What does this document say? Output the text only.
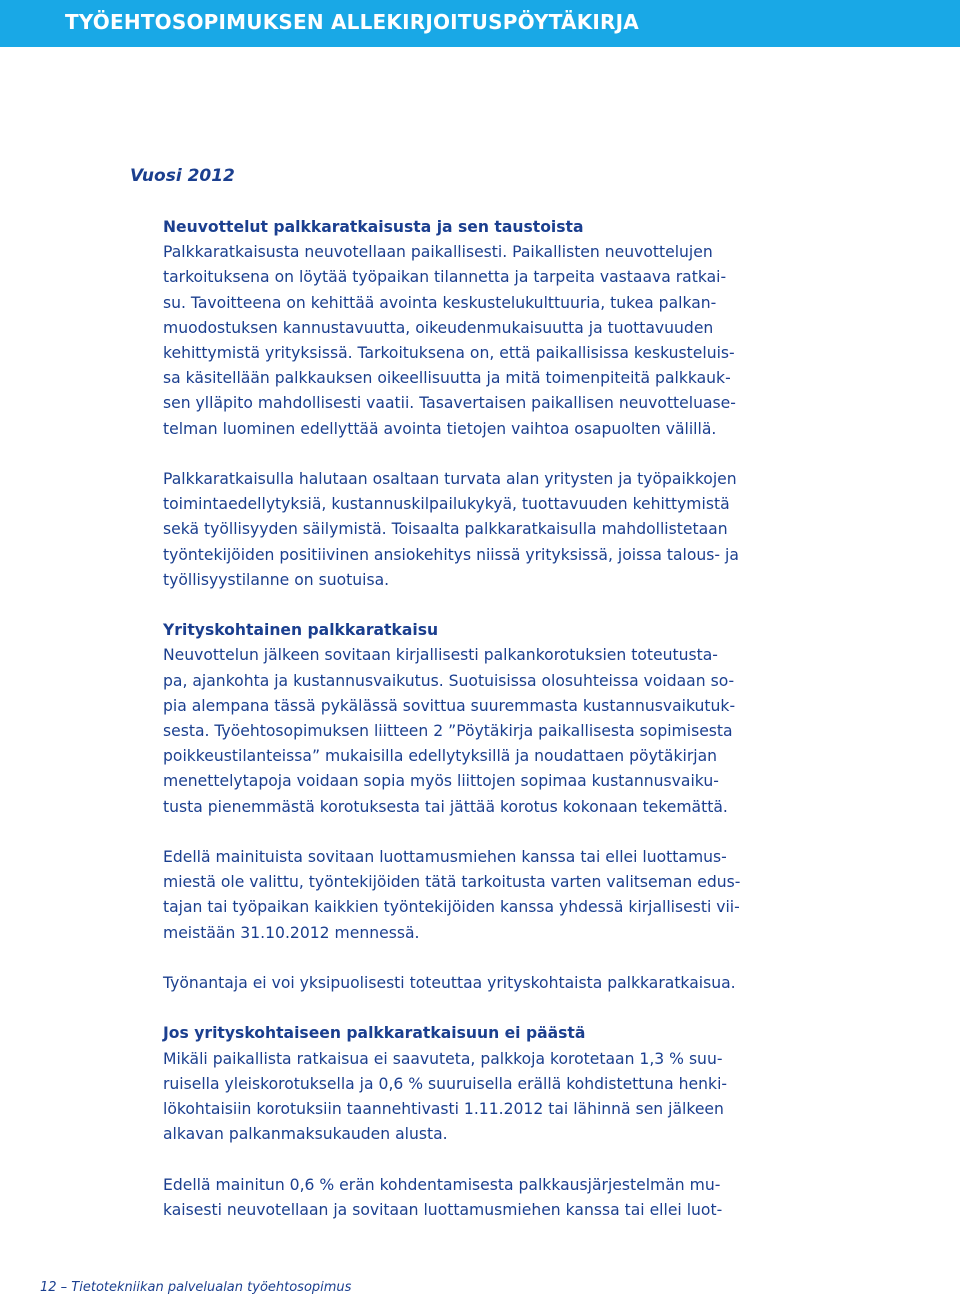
TYÖEHTOSOPIMUKSEN ALLEKIRJOITUSPÖYTÄKIRJA
Vuosi 2012
Neuvottelut palkkaratkaisusta ja sen taustoista
Palkkaratkaisusta neuvotellaan paikallisesti. Paikallisten neuvottelujen
tarkoituksena on löytää työpaikan tilannetta ja tarpeita vastaava ratkai-
su. Tavoitteena on kehittää avointa keskustelukulttuuria, tukea palkan-
muodostuksen kannustavuutta, oikeudenmukaisuutta ja tuottavuuden
kehittymistä yrityksissä. Tarkoituksena on, että paikallisissa keskusteluis-
sa käsitellään palkkauksen oikeellisuutta ja mitä toimenpiteitä palkkauk-
sen ylläpito mahdollisesti vaatii. Tasavertaisen paikallisen neuvotteluase-
telman luominen edellyttää avointa tietojen vaihtoa osapuolten välillä.
Palkkaratkaisulla halutaan osaltaan turvata alan yritysten ja työpaikkojen
toimintaedellytyksiä, kustannuskilpailukykyä, tuottavuuden kehittymistä
sekä työllisyyden säilymistä. Toisaalta palkkaratkaisulla mahdollistetaan
työntekijöiden positiivinen ansiokehitys niissä yrityksissä, joissa talous- ja
työllisyystilanne on suotuisa.
Yrityskohtainen palkkaratkaisu
Neuvottelun jälkeen sovitaan kirjallisesti palkankorotuksien toteutusta-
pa, ajankohta ja kustannusvaikutus. Suotuisissa olosuhteissa voidaan so-
pia alempana tässä pykälässä sovittua suuremmasta kustannusvaikutuk-
sesta. Työehtosopimuksen liitteen 2 ”Pöytäkirja paikallisesta sopimisesta
poikkeustilanteissa” mukaisilla edellytyksillä ja noudattaen pöytäkirjan
menettelytapoja voidaan sopia myös liittojen sopimaa kustannusvaiku-
tusta pienemmästä korotuksesta tai jättää korotus kokonaan tekemättä.
Edellä mainituista sovitaan luottamusmiehen kanssa tai ellei luottamus-
miestä ole valittu, työntekijöiden tätä tarkoitusta varten valitseman edus-
tajan tai työpaikan kaikkien työntekijöiden kanssa yhdessä kirjallisesti vii-
meistään 31.10.2012 mennessä.
Työnantaja ei voi yksipuolisesti toteuttaa yrityskohtaista palkkaratkaisua.
Jos yrityskohtaiseen palkkaratkaisuun ei päästä
Mikäli paikallista ratkaisua ei saavuteta, palkkoja korotetaan 1,3 % suu-
ruisella yleiskorotuksella ja 0,6 % suuruisella erällä kohdistettuna henki-
lökohtaisiin korotuksiin taannehtivasti 1.11.2012 tai lähinnä sen jälkeen
alkavan palkanmaksukauden alusta.
Edellä mainitun 0,6 % erän kohdentamisesta palkkausjärjestelmän mu-
kaisesti neuvotellaan ja sovitaan luottamusmiehen kanssa tai ellei luot-
12 – Tietotekniikan palvelualan työehtosopimus
